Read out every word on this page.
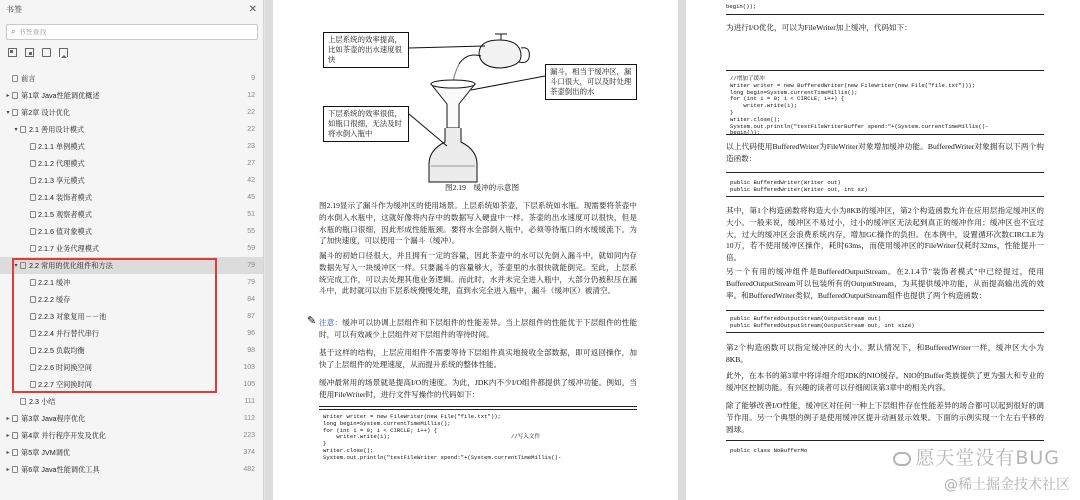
书签	✕
⌕
书签查找
前言	9
▸	第1章 Java性能调优概述	12
▾	第2章 设计优化	22
▾	2.1 善用设计模式	22
2.1.1 单例模式	23
2.1.2 代理模式	27
2.1.3 享元模式	42
2.1.4 装饰者模式	45
2.1.5 观察者模式	51
2.1.6 值对象模式	55
2.1.7 业务代理模式	59
▾	2.2 常用的优化组件和方法	79
2.2.1 缓冲	79
2.2.2 缓存	84
2.2.3 对象复用－－池	87
2.2.4 并行替代串行	96
2.2.5 负载均衡	98
2.2.6 时间换空间	103
2.2.7 空间换时间	105
2.3 小结	111
▸	第3章 Java程序优化	112
▸	第4章 并行程序开发及优化	223
▸	第5章 JVM调优	374
▸	第6章 Java性能调优工具	482
上层系统的效率提高，比如茶壶的出水速度很快
漏斗，相当于缓冲区，漏斗口很大，可以及时处理茶壶倒出的水
下层系统的效率很低，如瓶口很细，无法及时将水倒入瓶中
图2.19　缓冲的示意图
图2.19显示了漏斗作为缓冲区的使用场景。上层系统如茶壶，下层系统如水瓶。现需要将茶壶中的水倒入水瓶中，这就好像将内存中的数据写入硬盘中一样。茶壶的出水速度可以很快，但是水瓶的瓶口很细，因此形成性能瓶颈。要将水全部倒入瓶中，必须等待瓶口的水缓缓流下。为了加快速度，可以使用一个漏斗（缓冲）。
漏斗的初始口径很大，并且拥有一定的容量，因此茶壶中的水可以先倒入漏斗中，就如同内存数据先写入一块缓冲区一样。只要漏斗的容量够大，茶壶里的水很快就能倒完。至此，上层系统完成工作，可以去处理其他业务逻辑。而此时，水并未完全进入瓶中，大部分仍被积压在漏斗中，此时就可以由下层系统慢慢处理，直到水完全进入瓶中，漏斗（缓冲区）被清空。
✎ 注意：缓冲可以协调上层组件和下层组件的性能差异。当上层组件的性能优于下层组件的性能时，可以有效减少上层组件对下层组件的等待时间。
基于这样的结构，上层应用组件不需要等待下层组件真实地接收全部数据，即可返回操作，加快了上层组件的处理速度，从而提升系统的整体性能。
缓冲最常用的场景就是提高I/O的速度。为此，JDK内不少I/O组件都提供了缓冲功能。例如，当使用FileWriter时，进行文件写操作的代码如下：
Writer writer = new FileWriter(new File("file.txt"));
long begin=System.currentTimeMillis();
for (int i = 0; i < CIRCLE; i++) {
writer.write(i);                                    //写入文件
}
writer.close();
System.out.println("testFileWriter spend:"+(System.currentTimeMillis()-
begin());
为进行I/O优化，可以为FileWriter加上缓冲，代码如下：
//增加了缓冲
Writer writer = new BufferedWriter(new FileWriter(new File("file.txt")));
long begin=System.currentTimeMillis();
for (int i = 0; i < CIRCLE; i++) {
writer.write(i);
}
writer.close();
System.out.println("testFileWriterBuffer spend:"+(System.currentTimeMillis()-
begin());
以上代码使用BufferedWriter为FileWriter对象增加缓冲功能。BufferedWriter对象拥有以下两个构造函数：
public BufferedWriter(Writer out)
public BufferedWriter(Writer out, int sz)
其中，第1个构造函数将构造大小为8KB的缓冲区，第2个构造函数允许在应用层指定缓冲区的大小。一般来说，缓冲区不易过小，过小的缓冲区无法起到真正的缓冲作用；缓冲区也不宜过大，过大的缓冲区会浪费系统内存，增加GC操作的负担。在本例中，设置循环次数CIRCLE为10万，若不使用缓冲区操作，耗时63ms，而使用缓冲区的FileWriter仅耗时32ms，性能提升一倍。
另一个有用的缓冲组件是BufferedOutputStream。在2.1.4节"装饰者模式"中已经提过，使用BufferedOutputStream可以包装所有的OutputStream，为其提供缓冲功能，从而提高输出流的效率。和BufferedWriter类似，BufferedOutputStream组件也提供了两个构造函数：
public BufferedOutputStream(OutputStream out)
public BufferedOutputStream(OutputStream out, int size)
第2个构造函数可以指定缓冲区的大小。默认情况下，和BufferedWriter一样，缓冲区大小为8KB。
此外，在本书的第3章中将详细介绍JDK的NIO缓存。NIO的Buffer类族提供了更为强大和专业的缓冲区控制功能。有兴趣的读者可以仔细阅读第3章中的相关内容。
除了能够改善I/O性能，缓冲区对任何一种上下层组件存在性能差异的场合都可以起到很好的调节作用。另一个典型的例子是使用缓冲区提升动画显示效果。下面的示例实现一个左右平移的圆球。
public class NoBufferMo	愿天堂没有BUG
@稀土掘金技术社区
